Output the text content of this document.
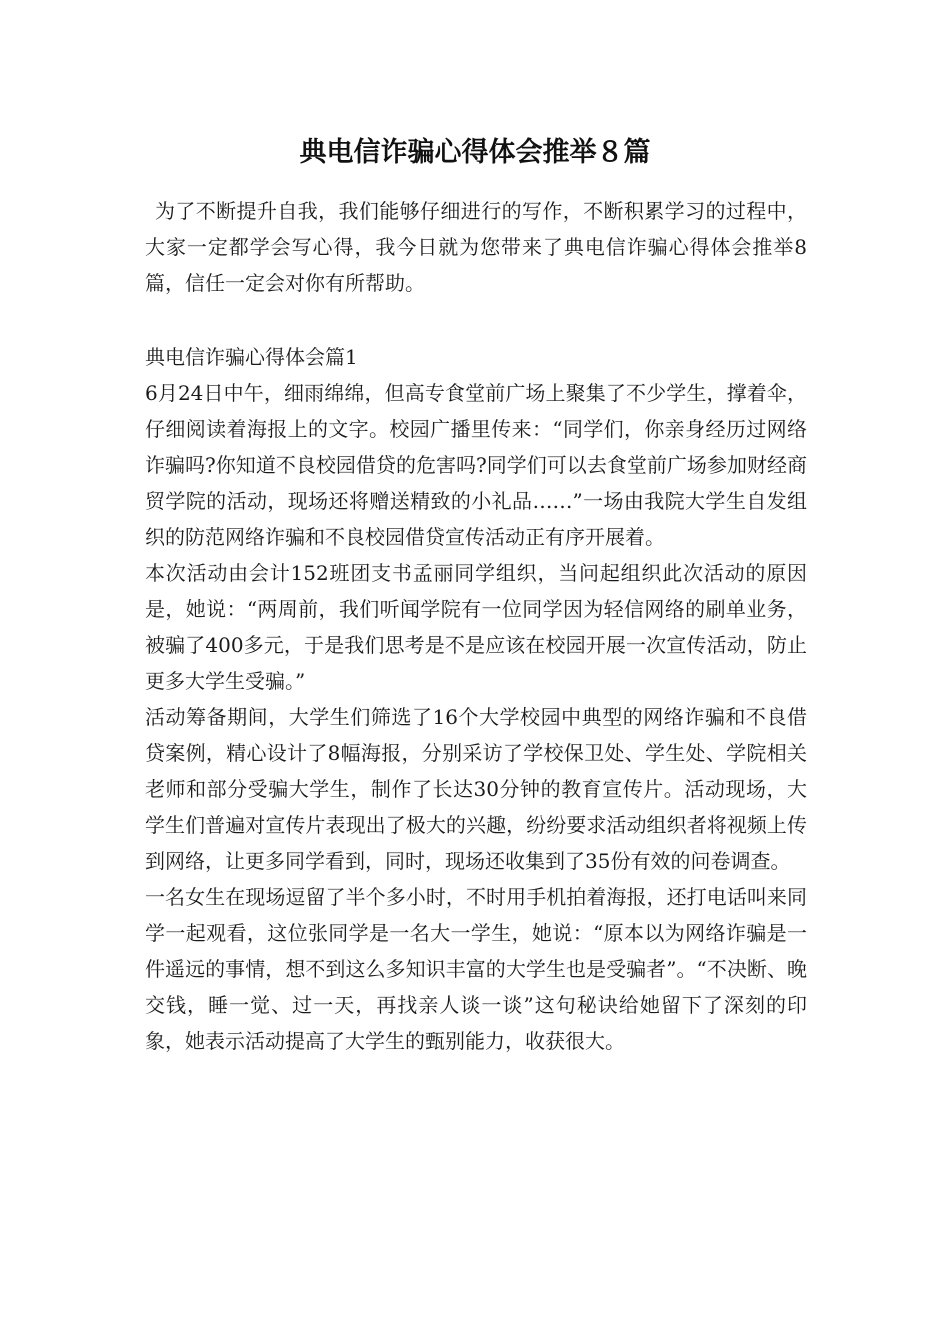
典电信诈骗心得体会推举８篇

为了不断提升自我，我们能够仔细进行的写作，不断积累学习的过程中，大家一定都学会写心得，我今日就为您带来了典电信诈骗心得体会推举8篇，信任一定会对你有所帮助。

典电信诈骗心得体会篇1

6月24日中午，细雨绵绵，但高专食堂前广场上聚集了不少学生，撑着伞，仔细阅读着海报上的文字。校园广播里传来：“同学们，你亲身经历过网络诈骗吗?你知道不良校园借贷的危害吗?同学们可以去食堂前广场参加财经商贸学院的活动，现场还将赠送精致的小礼品……”一场由我院大学生自发组织的防范网络诈骗和不良校园借贷宣传活动正有序开展着。

本次活动由会计152班团支书孟丽同学组织，当问起组织此次活动的原因是，她说：“两周前，我们听闻学院有一位同学因为轻信网络的刷单业务，被骗了400多元，于是我们思考是不是应该在校园开展一次宣传活动，防止更多大学生受骗。”

活动筹备期间，大学生们筛选了16个大学校园中典型的网络诈骗和不良借贷案例，精心设计了8幅海报，分别采访了学校保卫处、学生处、学院相关老师和部分受骗大学生，制作了长达30分钟的教育宣传片。活动现场，大学生们普遍对宣传片表现出了极大的兴趣，纷纷要求活动组织者将视频上传到网络，让更多同学看到，同时，现场还收集到了35份有效的问卷调查。

一名女生在现场逗留了半个多小时，不时用手机拍着海报，还打电话叫来同学一起观看，这位张同学是一名大一学生，她说：“原本以为网络诈骗是一件遥远的事情，想不到这么多知识丰富的大学生也是受骗者”。“不决断、晚交钱，睡一觉、过一天，再找亲人谈一谈”这句秘诀给她留下了深刻的印象，她表示活动提高了大学生的甄别能力，收获很大。
